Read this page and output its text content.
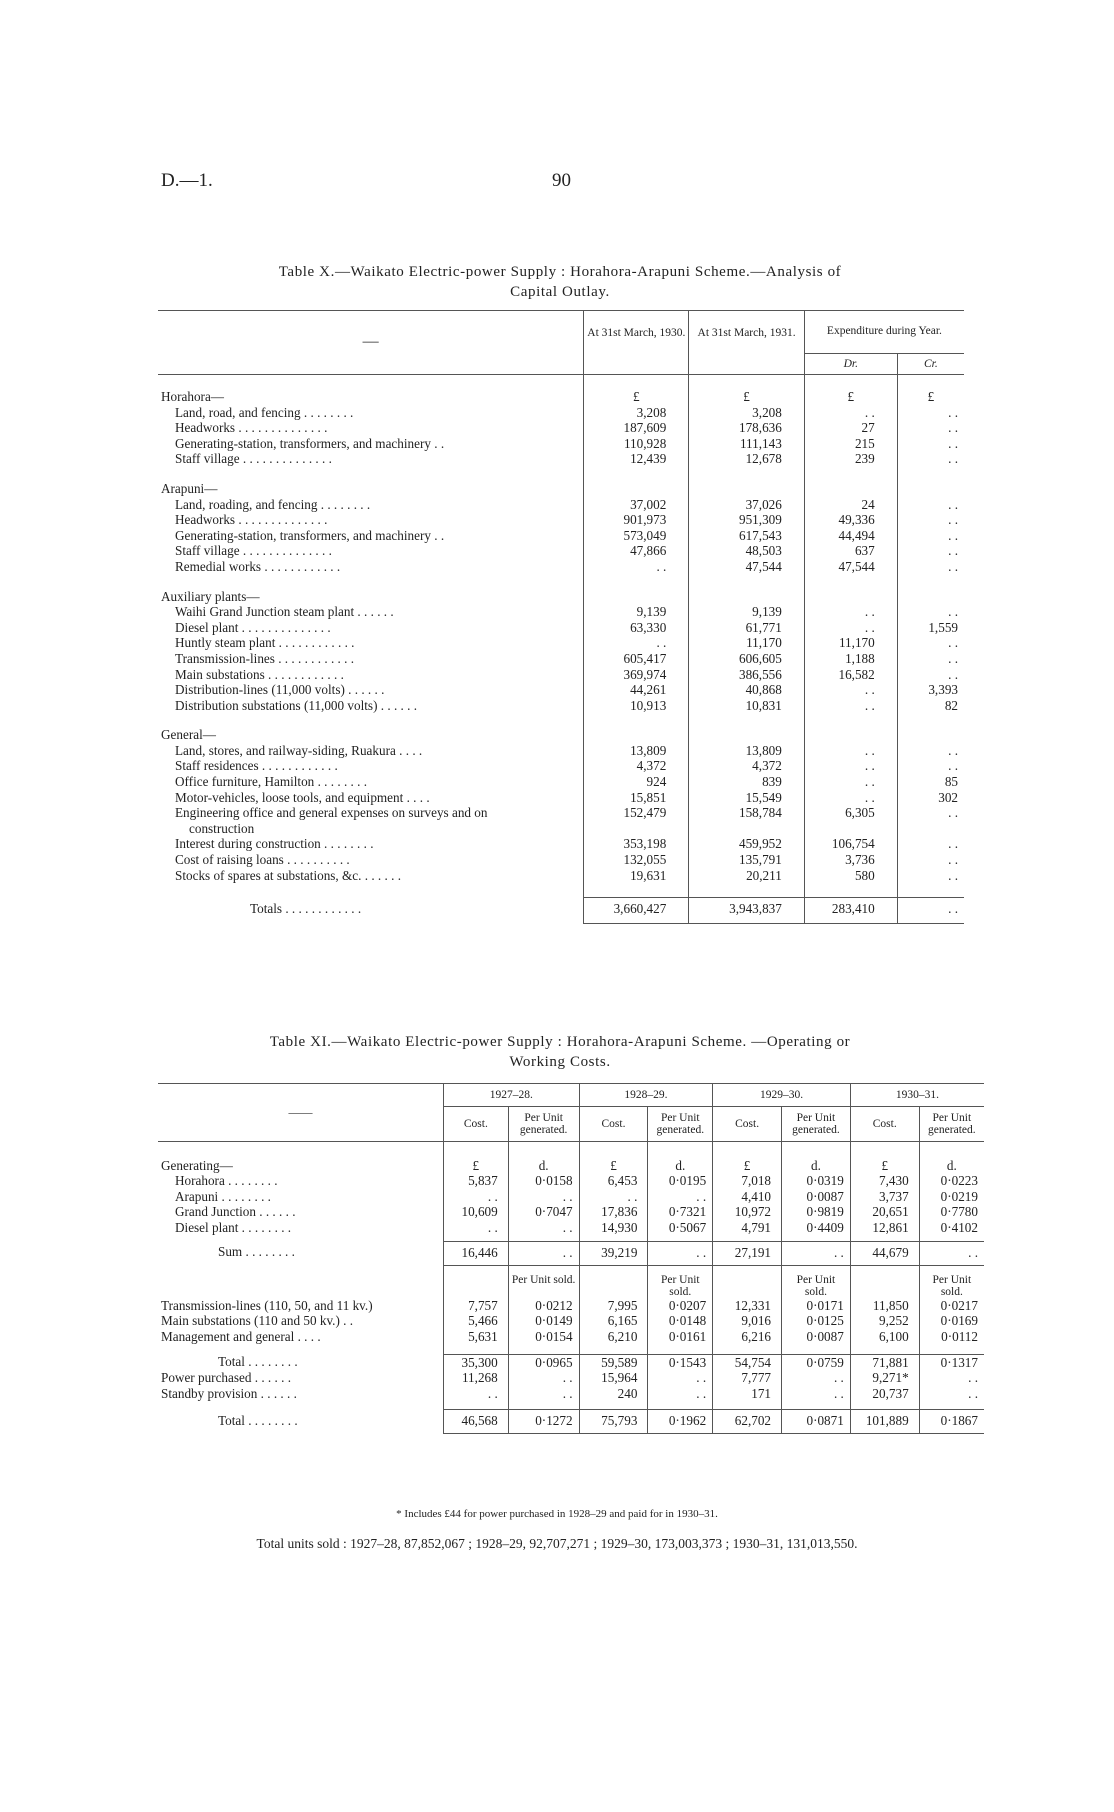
D.—1.	90
Table X.—Waikato Electric-power Supply : Horahora-Arapuni Scheme.—Analysis of
Capital Outlay.
—	At 31st March, 1930.	At 31st March, 1931.	Expenditure during Year.	
			Dr.	Cr.

Horahora—	£	£	£	£
Land, road, and fencing . . . . . . . .	3,208	3,208	. .	. .
Headworks . . . . . . . . . . . . . .	187,609	178,636	27	. .
Generating-station, transformers, and machinery . .	110,928	111,143	215	. .
Staff village . . . . . . . . . . . . . .	12,439	12,678	239	. .

Arapuni—				
Land, roading, and fencing . . . . . . . .	37,002	37,026	24	. .
Headworks . . . . . . . . . . . . . .	901,973	951,309	49,336	. .
Generating-station, transformers, and machinery . .	573,049	617,543	44,494	. .
Staff village . . . . . . . . . . . . . .	47,866	48,503	637	. .
Remedial works . . . . . . . . . . . .	. .	47,544	47,544	. .

Auxiliary plants—				
Waihi Grand Junction steam plant . . . . . .	9,139	9,139	. .	. .
Diesel plant . . . . . . . . . . . . . .	63,330	61,771	. .	1,559
Huntly steam plant . . . . . . . . . . . .	. .	11,170	11,170	. .
Transmission-lines . . . . . . . . . . . .	605,417	606,605	1,188	. .
Main substations . . . . . . . . . . . .	369,974	386,556	16,582	. .
Distribution-lines (11,000 volts) . . . . . .	44,261	40,868	. .	3,393
Distribution substations (11,000 volts) . . . . . .	10,913	10,831	. .	82

General—				
Land, stores, and railway-siding, Ruakura . . . .	13,809	13,809	. .	. .
Staff residences . . . . . . . . . . . .	4,372	4,372	. .	. .
Office furniture, Hamilton . . . . . . . .	924	839	. .	85
Motor-vehicles, loose tools, and equipment . . . .	15,851	15,549	. .	302

Engineering office and general expenses on surveys and on
construction	152,479	158,784	6,305	. .
Interest during construction . . . . . . . .	353,198	459,952	106,754	. .
Cost of raising loans . . . . . . . . . .	132,055	135,791	3,736	. .
Stocks of spares at substations, &c. . . . . . .	19,631	20,211	580	. .

Totals . . . . . . . . . . . .	3,660,427	3,943,837	283,410	. .
Table XI.—Waikato Electric-power Supply : Horahora-Arapuni Scheme. —Operating or
Working Costs.
——	1927–28.		1928–29.		1929–30.		1930–31.	
	Cost.	Per Unit generated.	Cost.	Per Unit generated.	Cost.	Per Unit generated.	Cost.	Per Unit generated.

Generating—	£	d.	£	d.	£	d.	£	d.
Horahora . . . . . . . .	5,837	0·0158	6,453	0·0195	7,018	0·0319	7,430	0·0223
Arapuni . . . . . . . .	. .	. .	. .	. .	4,410	0·0087	3,737	0·0219
Grand Junction . . . . . .	10,609	0·7047	17,836	0·7321	10,972	0·9819	20,651	0·7780
Diesel plant . . . . . . . .	. .	. .	14,930	0·5067	4,791	0·4409	12,861	0·4102

Sum . . . . . . . .	16,446	. .	39,219	. .	27,191	. .	44,679	. .
		Per Unit sold.		Per Unit sold.		Per Unit sold.		Per Unit sold.
Transmission-lines (110, 50, and 11 kv.)	7,757	0·0212	7,995	0·0207	12,331	0·0171	11,850	0·0217
Main substations (110 and 50 kv.) . .	5,466	0·0149	6,165	0·0148	9,016	0·0125	9,252	0·0169
Management and general . . . .	5,631	0·0154	6,210	0·0161	6,216	0·0087	6,100	0·0112

Total . . . . . . . .	35,300	0·0965	59,589	0·1543	54,754	0·0759	71,881	0·1317
Power purchased . . . . . .	11,268	. .	15,964	. .	7,777	. .	9,271*	. .
Standby provision . . . . . .	. .	. .	240	. .	171	. .	20,737	. .

Total . . . . . . . .	46,568	0·1272	75,793	0·1962	62,702	0·0871	101,889	0·1867
* Includes £44 for power purchased in 1928–29 and paid for in 1930–31.
Total units sold : 1927–28, 87,852,067 ; 1928–29, 92,707,271 ; 1929–30, 173,003,373 ; 1930–31, 131,013,550.
